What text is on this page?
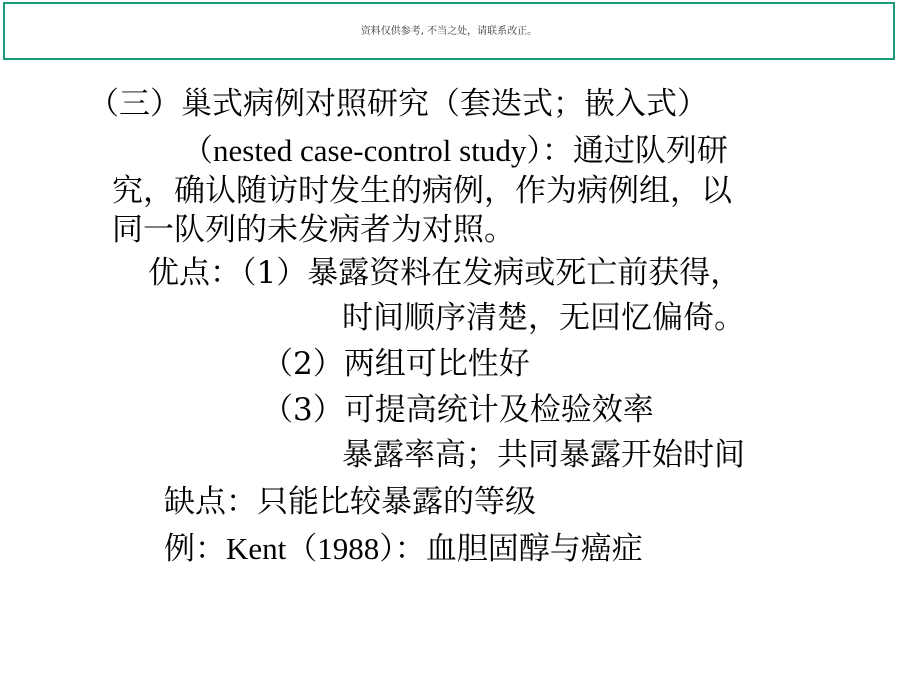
资料仅供参考, 不当之处，请联系改正。
（三）巢式病例对照研究（套迭式；嵌入式）
（nested case-control study）：通过队列研
究，确认随访时发生的病例，作为病例组，以
同一队列的未发病者为对照。
优点：（1）暴露资料在发病或死亡前获得，
时间顺序清楚，无回忆偏倚。
（2）两组可比性好
（3）可提高统计及检验效率
暴露率高；共同暴露开始时间
缺点：只能比较暴露的等级
例：Kent（1988）：血胆固醇与癌症
